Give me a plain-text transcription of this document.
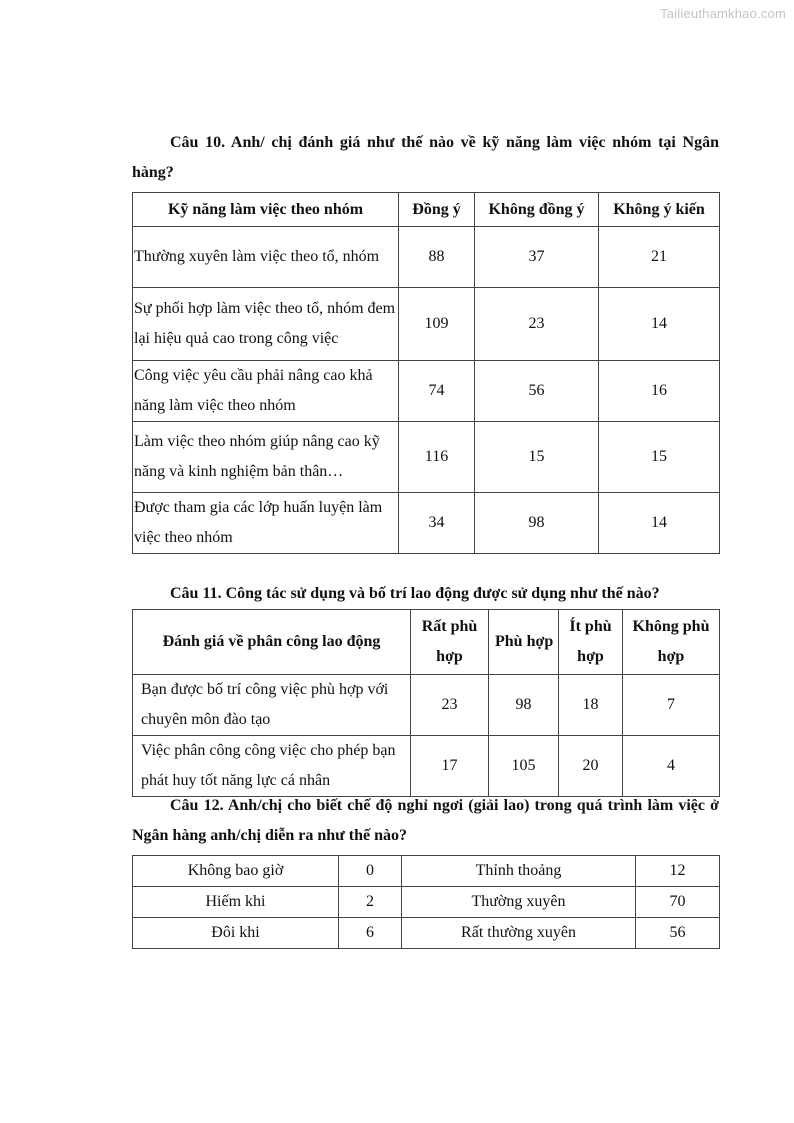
Tailieuthamkhao.com

Câu 10. Anh/ chị đánh giá như thế nào về kỹ năng làm việc nhóm tại Ngân hàng?

Kỹ năng làm việc theo nhóm	Đồng ý	Không đồng ý	Không ý kiến
Thường xuyên làm việc theo tổ, nhóm	88	37	21
Sự phối hợp làm việc theo tổ, nhóm đem lại hiệu quả cao trong công việc	109	23	14
Công việc yêu cầu phải nâng cao khả năng làm việc theo nhóm	74	56	16
Làm việc theo nhóm giúp nâng cao kỹ năng và kinh nghiệm bản thân…	116	15	15
Được tham gia các lớp huấn luyện làm việc theo nhóm	34	98	14

Câu 11. Công tác sử dụng và bố trí lao động được sử dụng như thế nào?

Đánh giá về phân công lao động	Rất phù hợp	Phù hợp	Ít phù hợp	Không phù hợp
Bạn được bố trí công việc phù hợp với chuyên môn đào tạo	23	98	18	7
Việc phân công công việc cho phép bạn phát huy tốt năng lực cá nhân	17	105	20	4

Câu 12. Anh/chị cho biết chế độ nghỉ ngơi (giải lao) trong quá trình làm việc ở Ngân hàng anh/chị diễn ra như thế nào?

Không bao giờ	0	Thỉnh thoảng	12
Hiếm khi	2	Thường xuyên	70
Đôi khi	6	Rất thường xuyên	56
